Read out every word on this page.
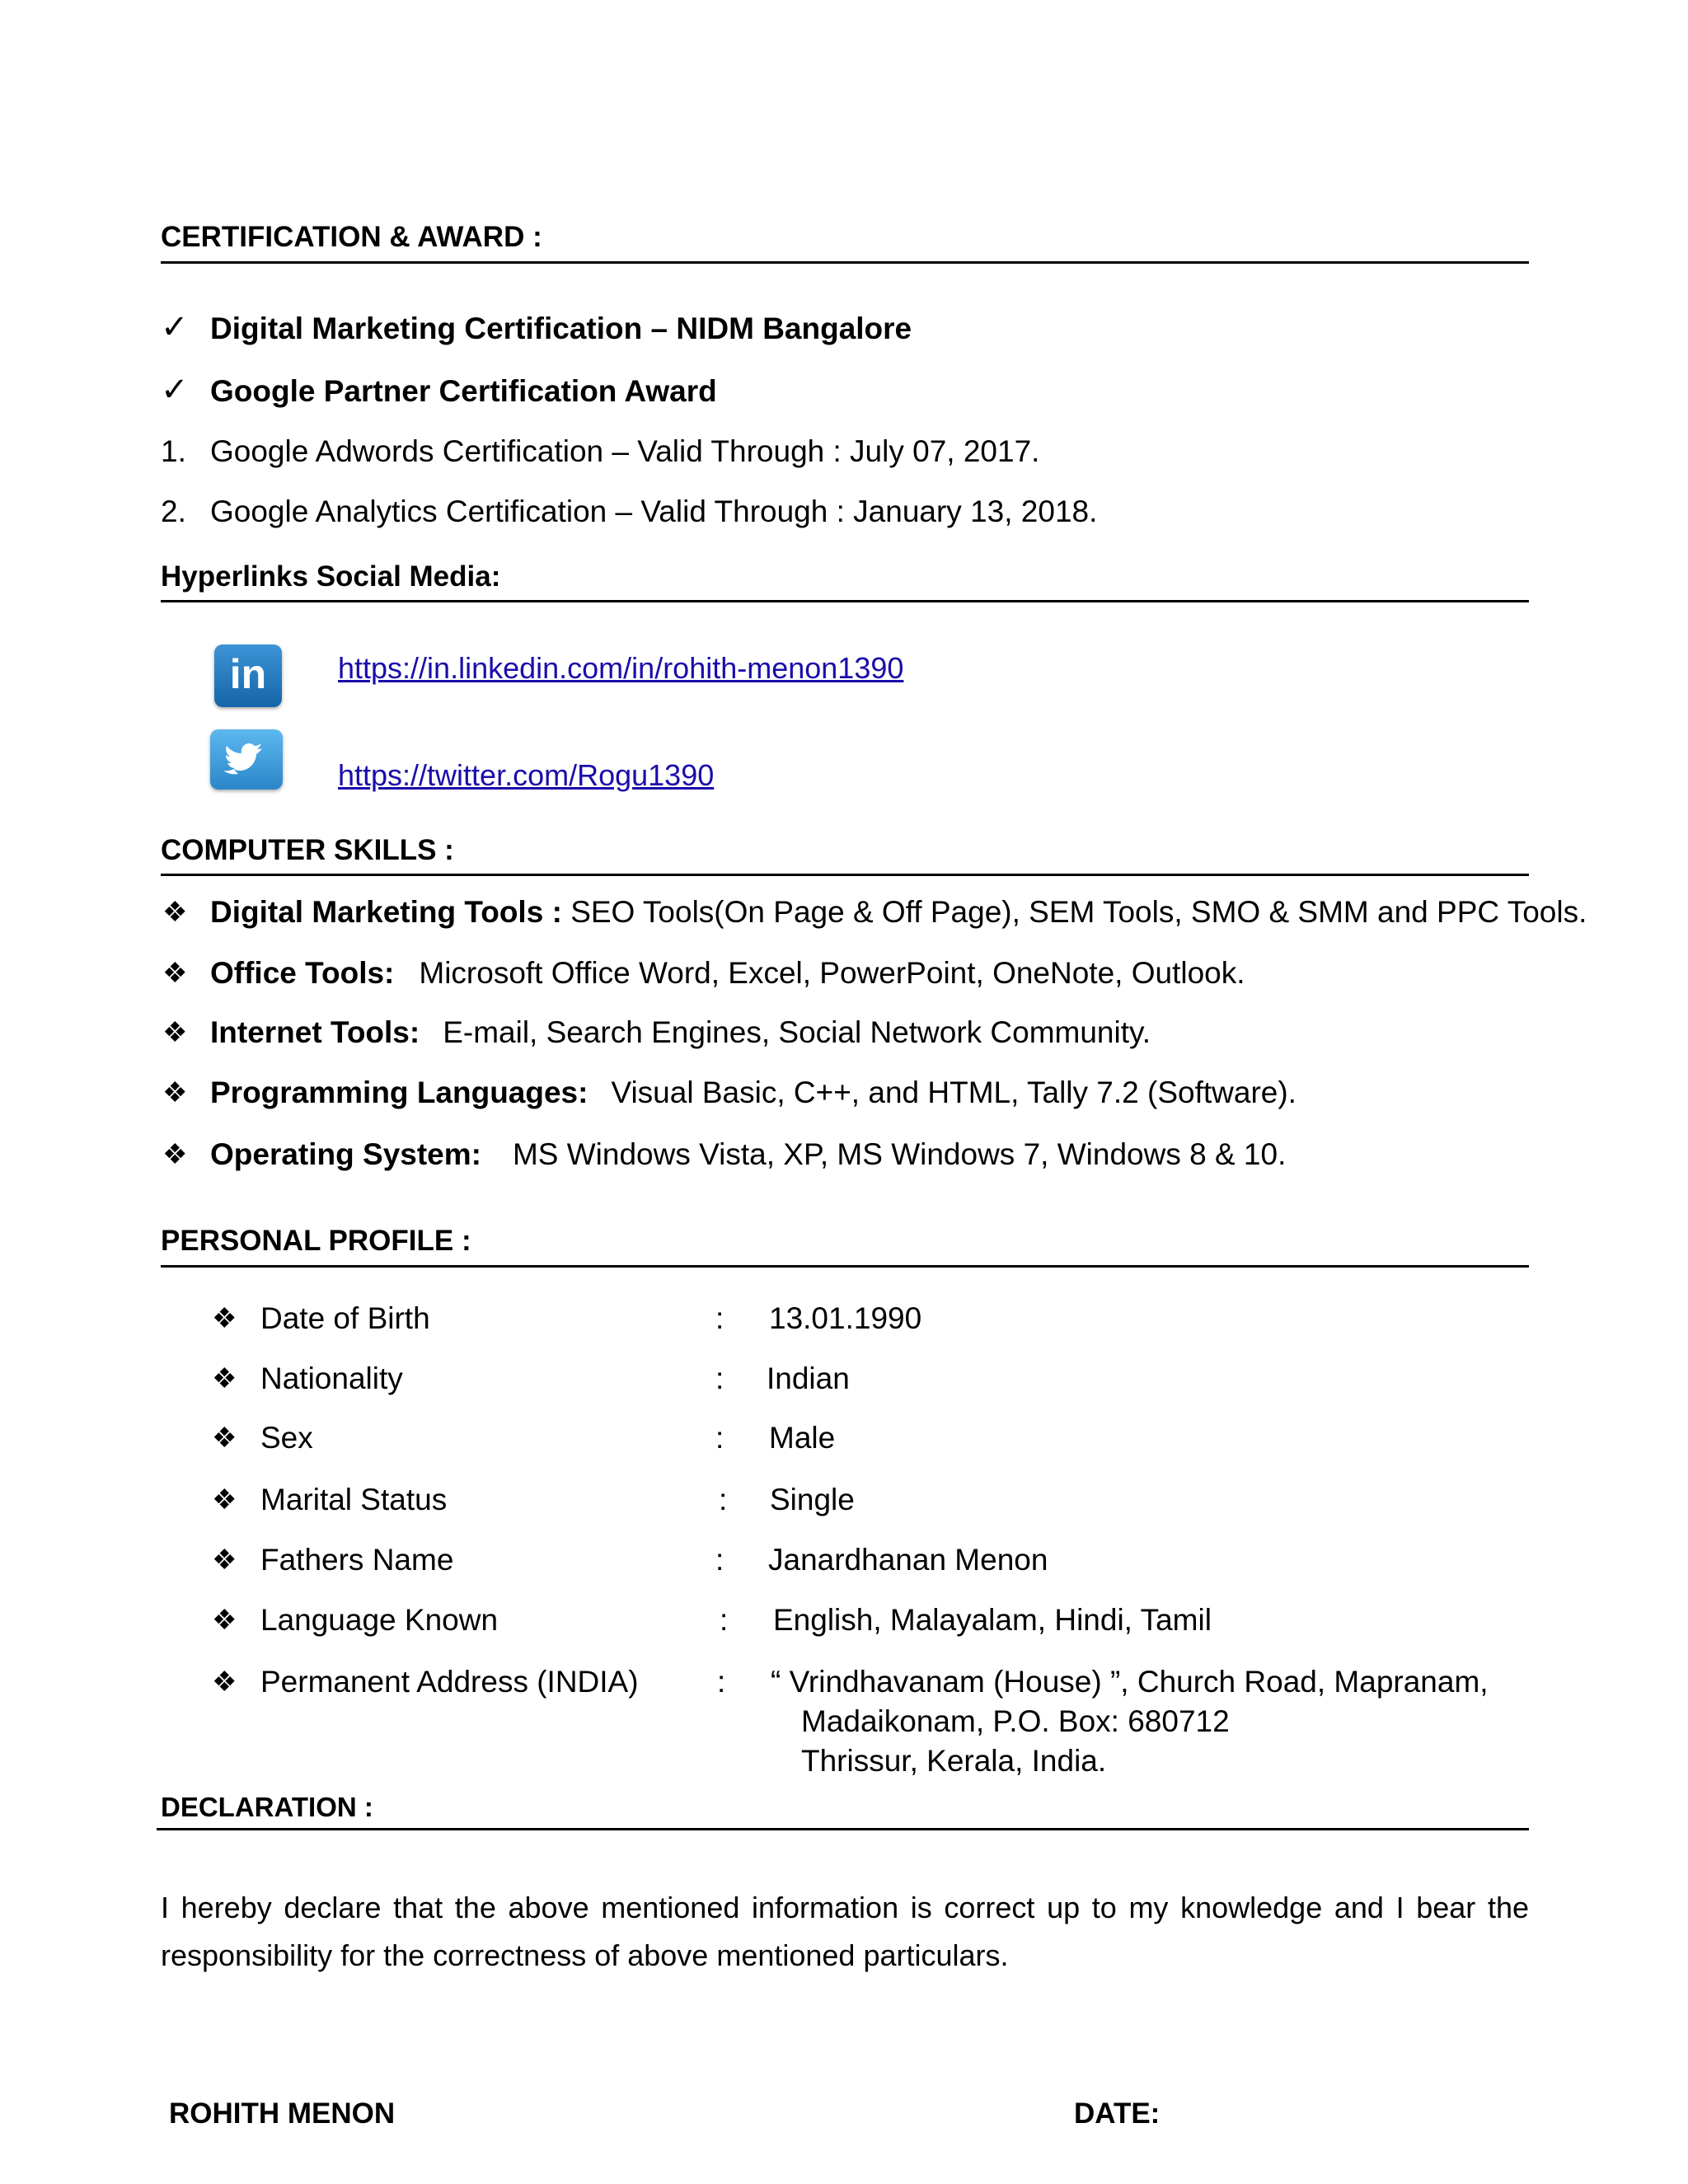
CERTIFICATION & AWARD :
✓ Digital Marketing Certification – NIDM Bangalore
✓ Google Partner Certification Award
1. Google Adwords Certification – Valid Through : July 07, 2017.
2. Google Analytics Certification – Valid Through : January 13, 2018.
Hyperlinks Social Media:
in	https://in.linkedin.com/in/rohith-menon1390
https://twitter.com/Rogu1390
COMPUTER SKILLS :
❖ Digital Marketing Tools : SEO Tools(On Page & Off Page), SEM Tools, SMO & SMM and PPC Tools.
❖ Office Tools: Microsoft Office Word, Excel, PowerPoint, OneNote, Outlook.
❖ Internet Tools: E-mail, Search Engines, Social Network Community.
❖ Programming Languages: Visual Basic, C++, and HTML, Tally 7.2 (Software).
❖ Operating System: MS Windows Vista, XP, MS Windows 7, Windows 8 & 10.
PERSONAL PROFILE :
❖ Date of Birth	: 13.01.1990
❖ Nationality	: Indian
❖ Sex	: Male
❖ Marital Status	: Single
❖ Fathers Name	: Janardhanan Menon
❖ Language Known	: English, Malayalam, Hindi, Tamil
❖ Permanent Address (INDIA)	: “ Vrindhavanam (House) ”, Church Road, Mapranam,
Madaikonam, P.O. Box: 680712
Thrissur, Kerala, India.
DECLARATION :
I hereby declare that the above mentioned information is correct up to my knowledge and I bear the responsibility for the correctness of above mentioned particulars.
ROHITH MENON	DATE:
